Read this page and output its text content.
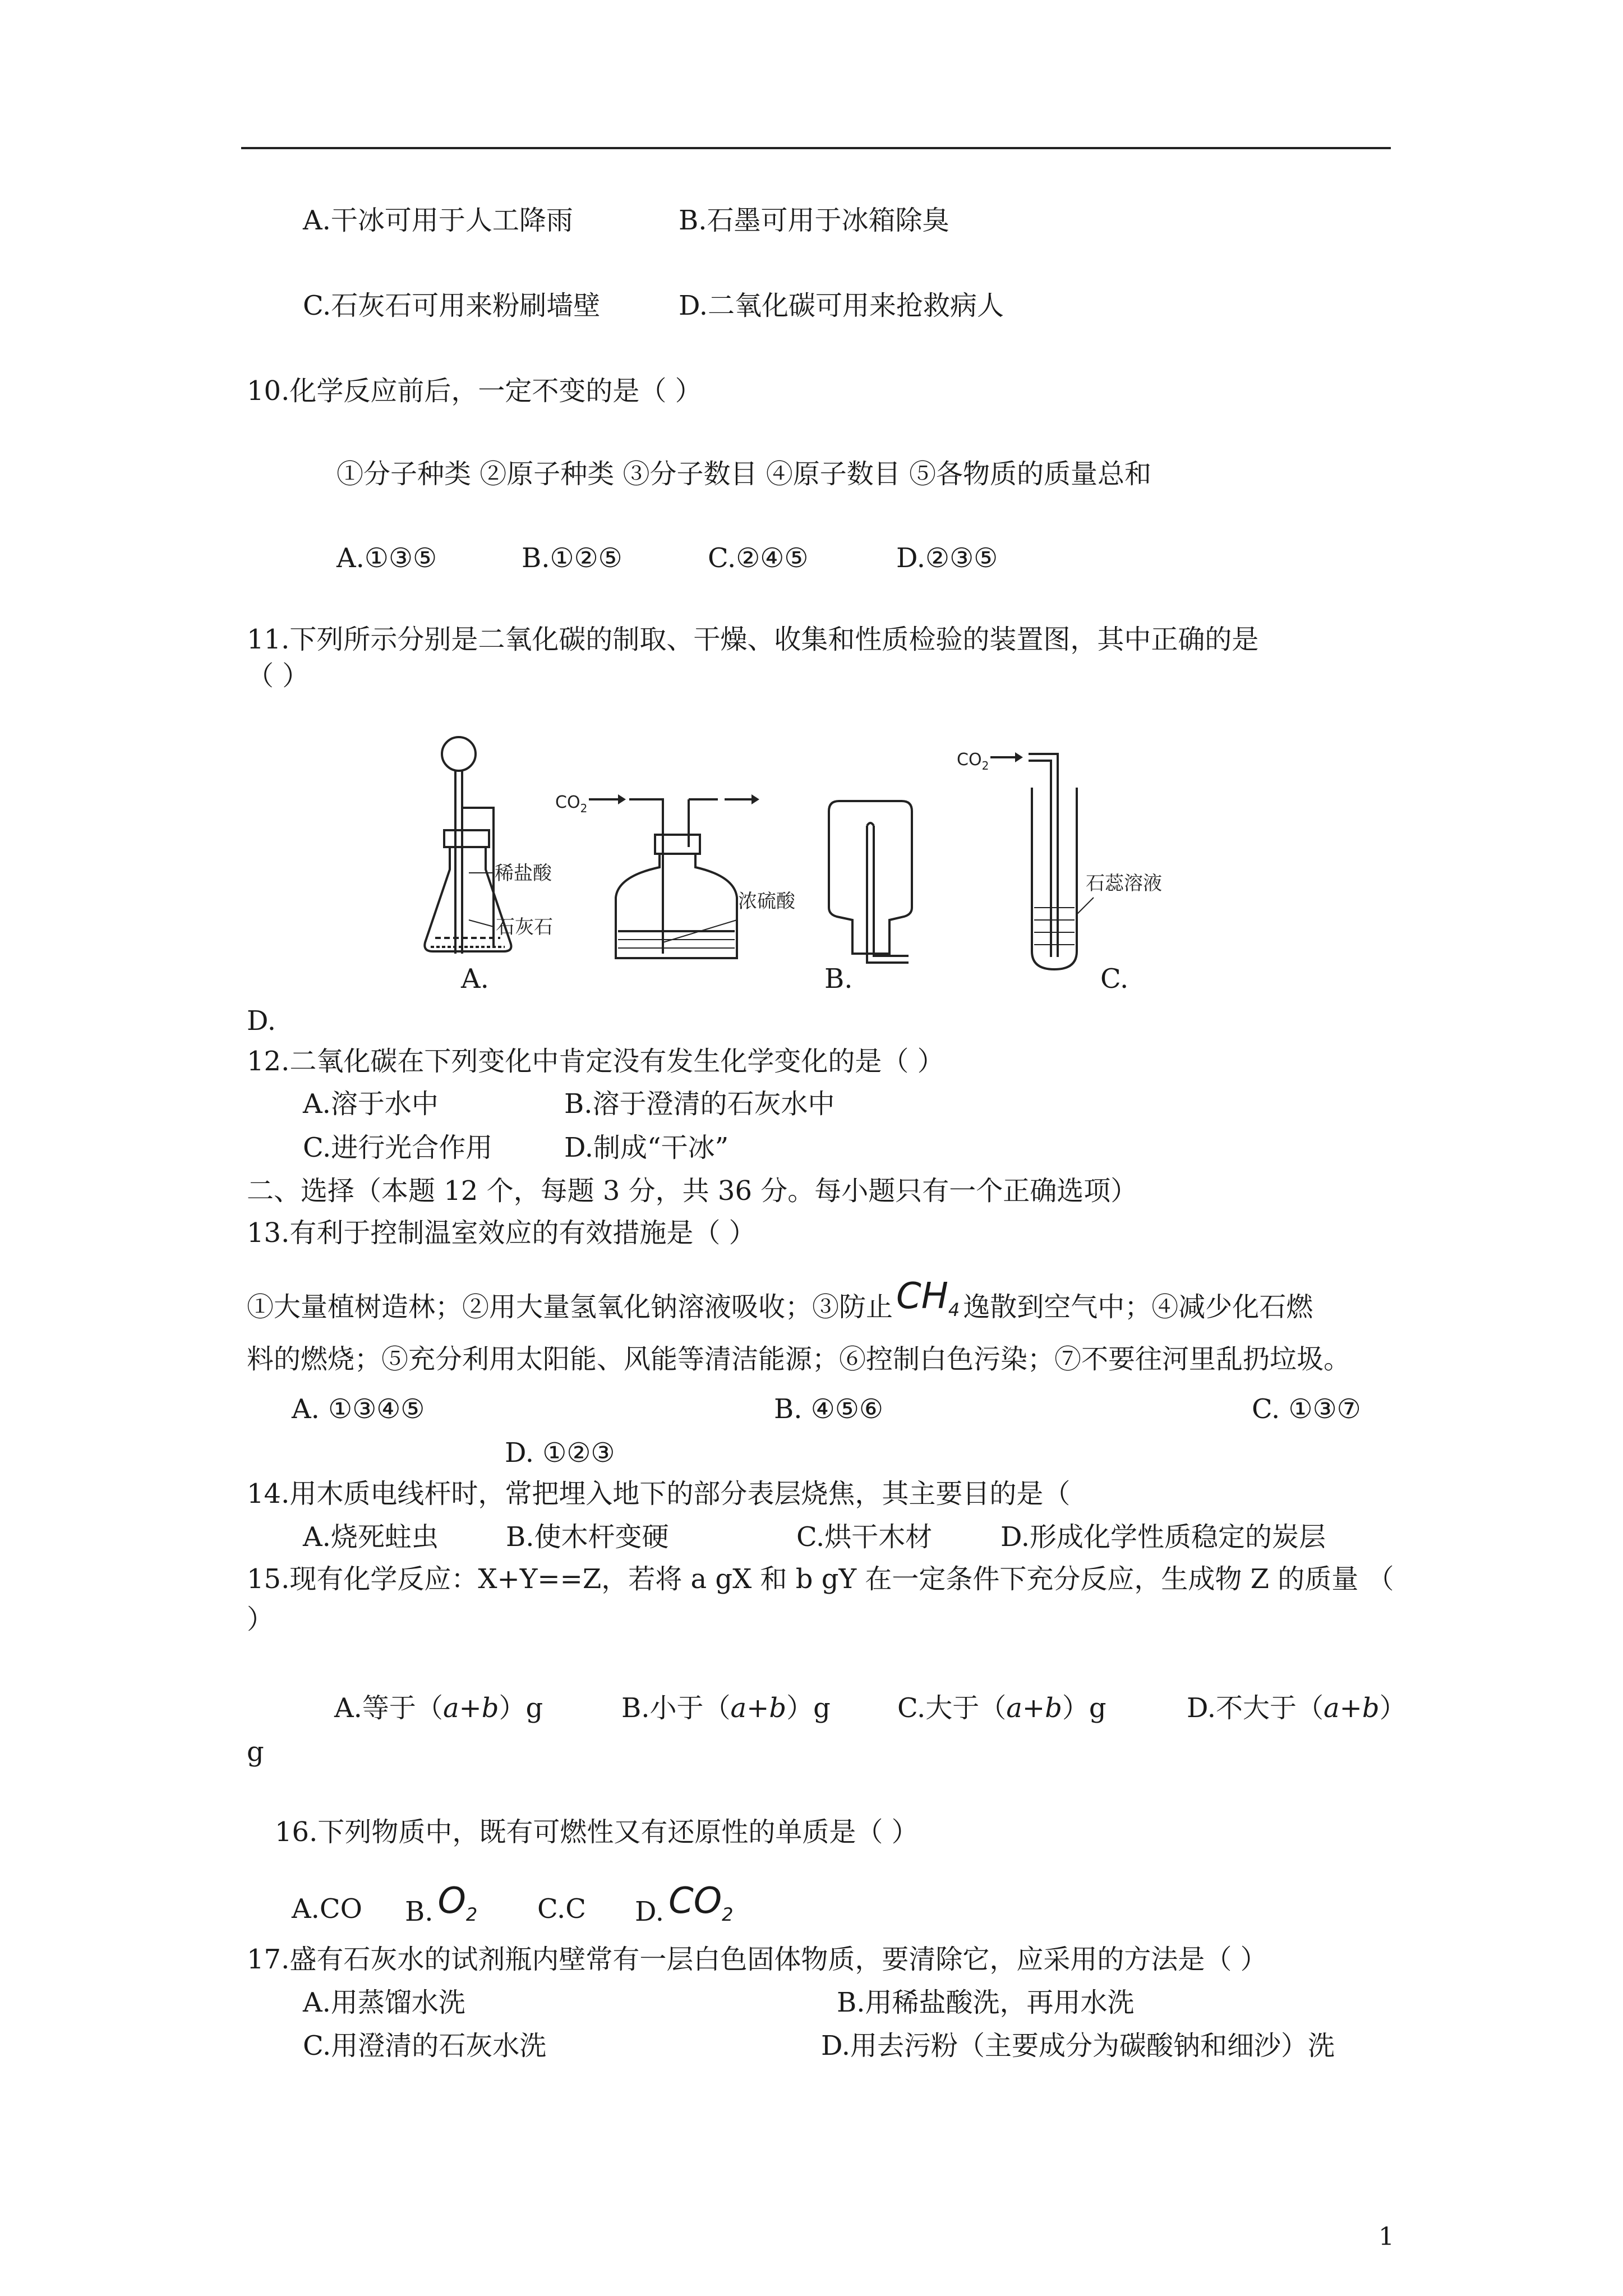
A.干冰可用于人工降雨	B.石墨可用于冰箱除臭
C.石灰石可用来粉刷墙壁	D.二氧化碳可用来抢救病人
10.化学反应前后，一定不变的是（ ）
①分子种类 ②原子种类 ③分子数目 ④原子数目 ⑤各物质的质量总和
A.①③⑤	B.①②⑤	C.②④⑤	D.②③⑤
11.下列所示分别是二氧化碳的制取、干燥、收集和性质检验的装置图，其中正确的是
（ ）
稀盐酸
石灰石
$CO_2$
浓硫酸
$CO_2$
石蕊溶液
A.	B.	C.
D.
12.二氧化碳在下列变化中肯定没有发生化学变化的是（ ）
A.溶于水中	B.溶于澄清的石灰水中
C.进行光合作用	D.制成“干冰”
二、选择（本题 12 个，每题 3 分，共 36 分。每小题只有一个正确选项）
13.有利于控制温室效应的有效措施是（ ）
①大量植树造林；②用大量氢氧化钠溶液吸收；③防止CH4 逸散到空气中；④减少化石燃
料的燃烧；⑤充分利用太阳能、风能等清洁能源；⑥控制白色污染；⑦不要往河里乱扔垃圾。
A. ①③④⑤	B. ④⑤⑥	C. ①③⑦
D. ①②③
14.用木质电线杆时，常把埋入地下的部分表层烧焦，其主要目的是（
A.烧死蛀虫	B.使木杆变硬	C.烘干木材	D.形成化学性质稳定的炭层
15.现有化学反应：X+Y==Z，若将 a gX 和 b gY 在一定条件下充分反应，生成物 Z 的质量 （
）
A.等于（a+b）g	B.小于（a+b）g C.大于（a+b）g	D.不大于（a+b）
g
16.下列物质中，既有可燃性又有还原性的单质是（ ）
A.CO B. O2 C.C D. CO2
17.盛有石灰水的试剂瓶内壁常有一层白色固体物质，要清除它，应采用的方法是（ ）
A.用蒸馏水洗	B.用稀盐酸洗，再用水洗
C.用澄清的石灰水洗	D.用去污粉（主要成分为碳酸钠和细沙）洗
1
